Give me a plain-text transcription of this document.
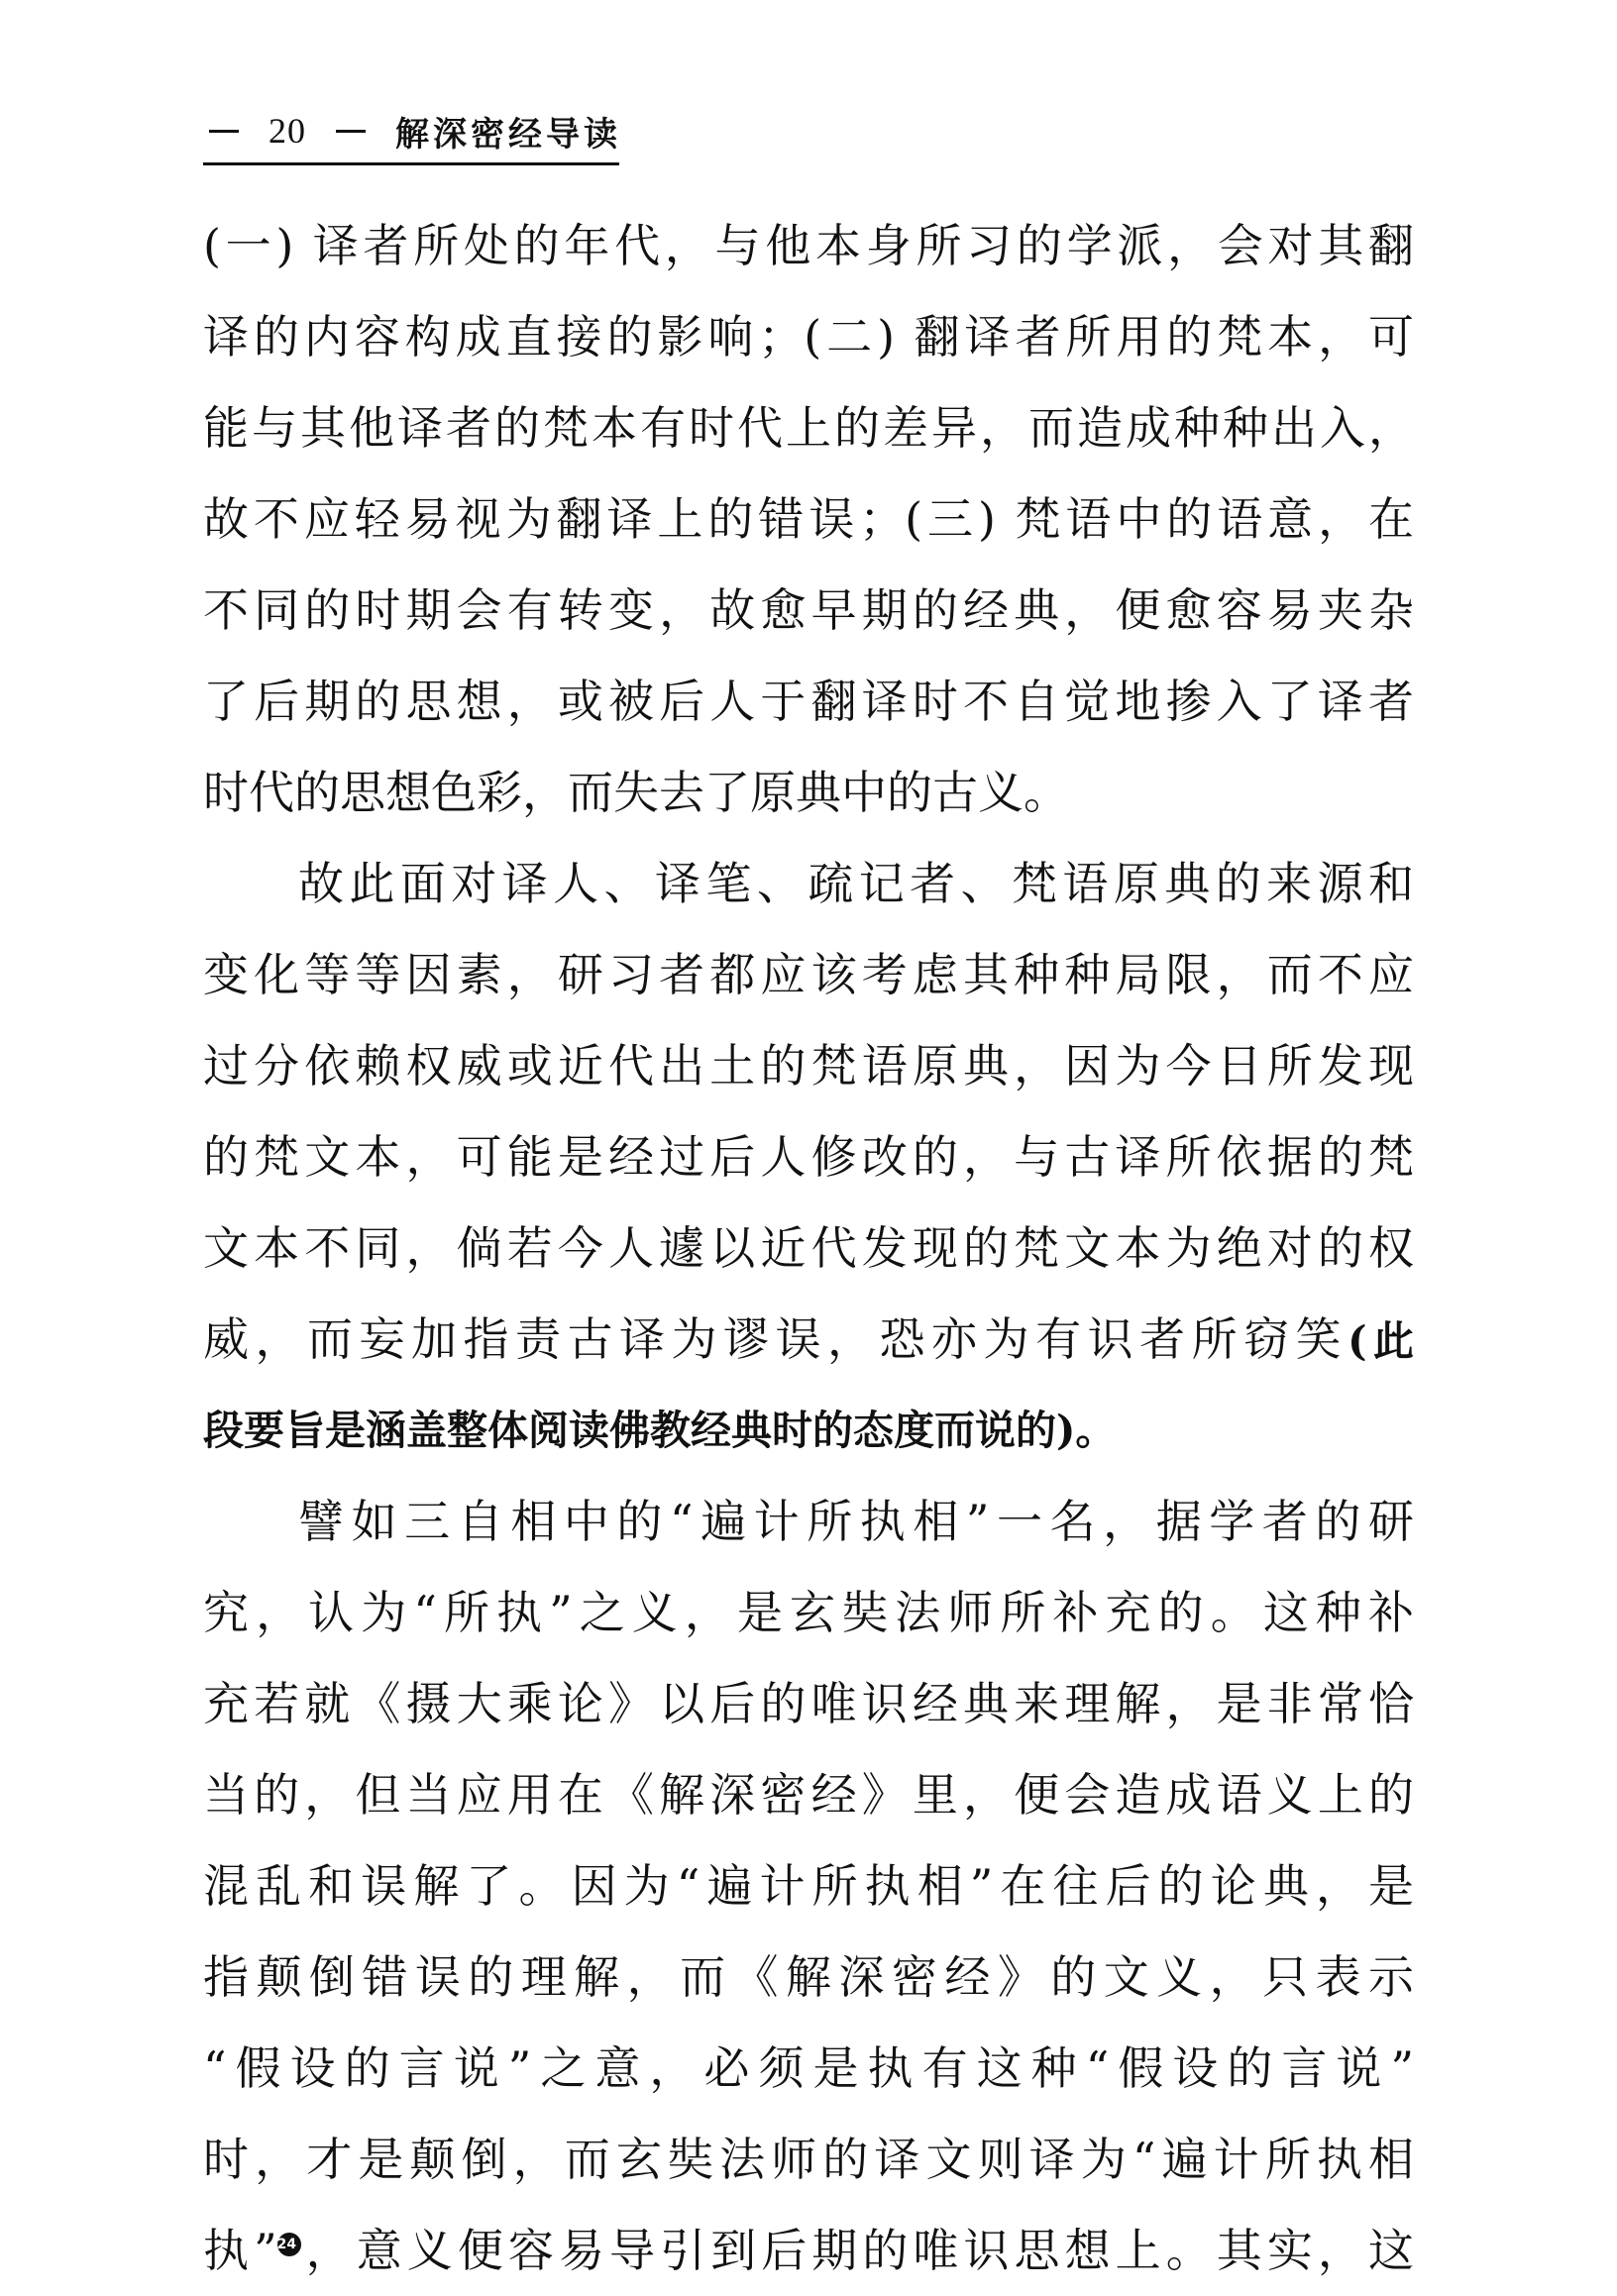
20	解深密经导读
(一) 译者所处的年代，与他本身所习的学派，会对其翻
译的内容构成直接的影响；(二) 翻译者所用的梵本，可
能与其他译者的梵本有时代上的差异，而造成种种出入，
故不应轻易视为翻译上的错误；(三) 梵语中的语意，在
不同的时期会有转变，故愈早期的经典，便愈容易夹杂
了后期的思想，或被后人于翻译时不自觉地掺入了译者
时代的思想色彩，而失去了原典中的古义。
故此面对译人、译笔、疏记者、梵语原典的来源和
变化等等因素，研习者都应该考虑其种种局限，而不应
过分依赖权威或近代出土的梵语原典，因为今日所发现
的梵文本，可能是经过后人修改的，与古译所依据的梵
文本不同，倘若今人遽以近代发现的梵文本为绝对的权
威，而妄加指责古译为谬误，恐亦为有识者所窃笑(此
段要旨是涵盖整体阅读佛教经典时的态度而说的)。
譬如三自相中的“遍计所执相”一名，据学者的研
究，认为“所执”之义，是玄奘法师所补充的。这种补
充若就《摄大乘论》以后的唯识经典来理解，是非常恰
当的，但当应用在《解深密经》里，便会造成语义上的
混乱和误解了。因为“遍计所执相”在往后的论典，是
指颠倒错误的理解，而《解深密经》的文义，只表示
“假设的言说”之意，必须是执有这种“假设的言说”
时，才是颠倒，而玄奘法师的译文则译为“遍计所执相
执”24，意义便容易导引到后期的唯识思想上。其实，这
